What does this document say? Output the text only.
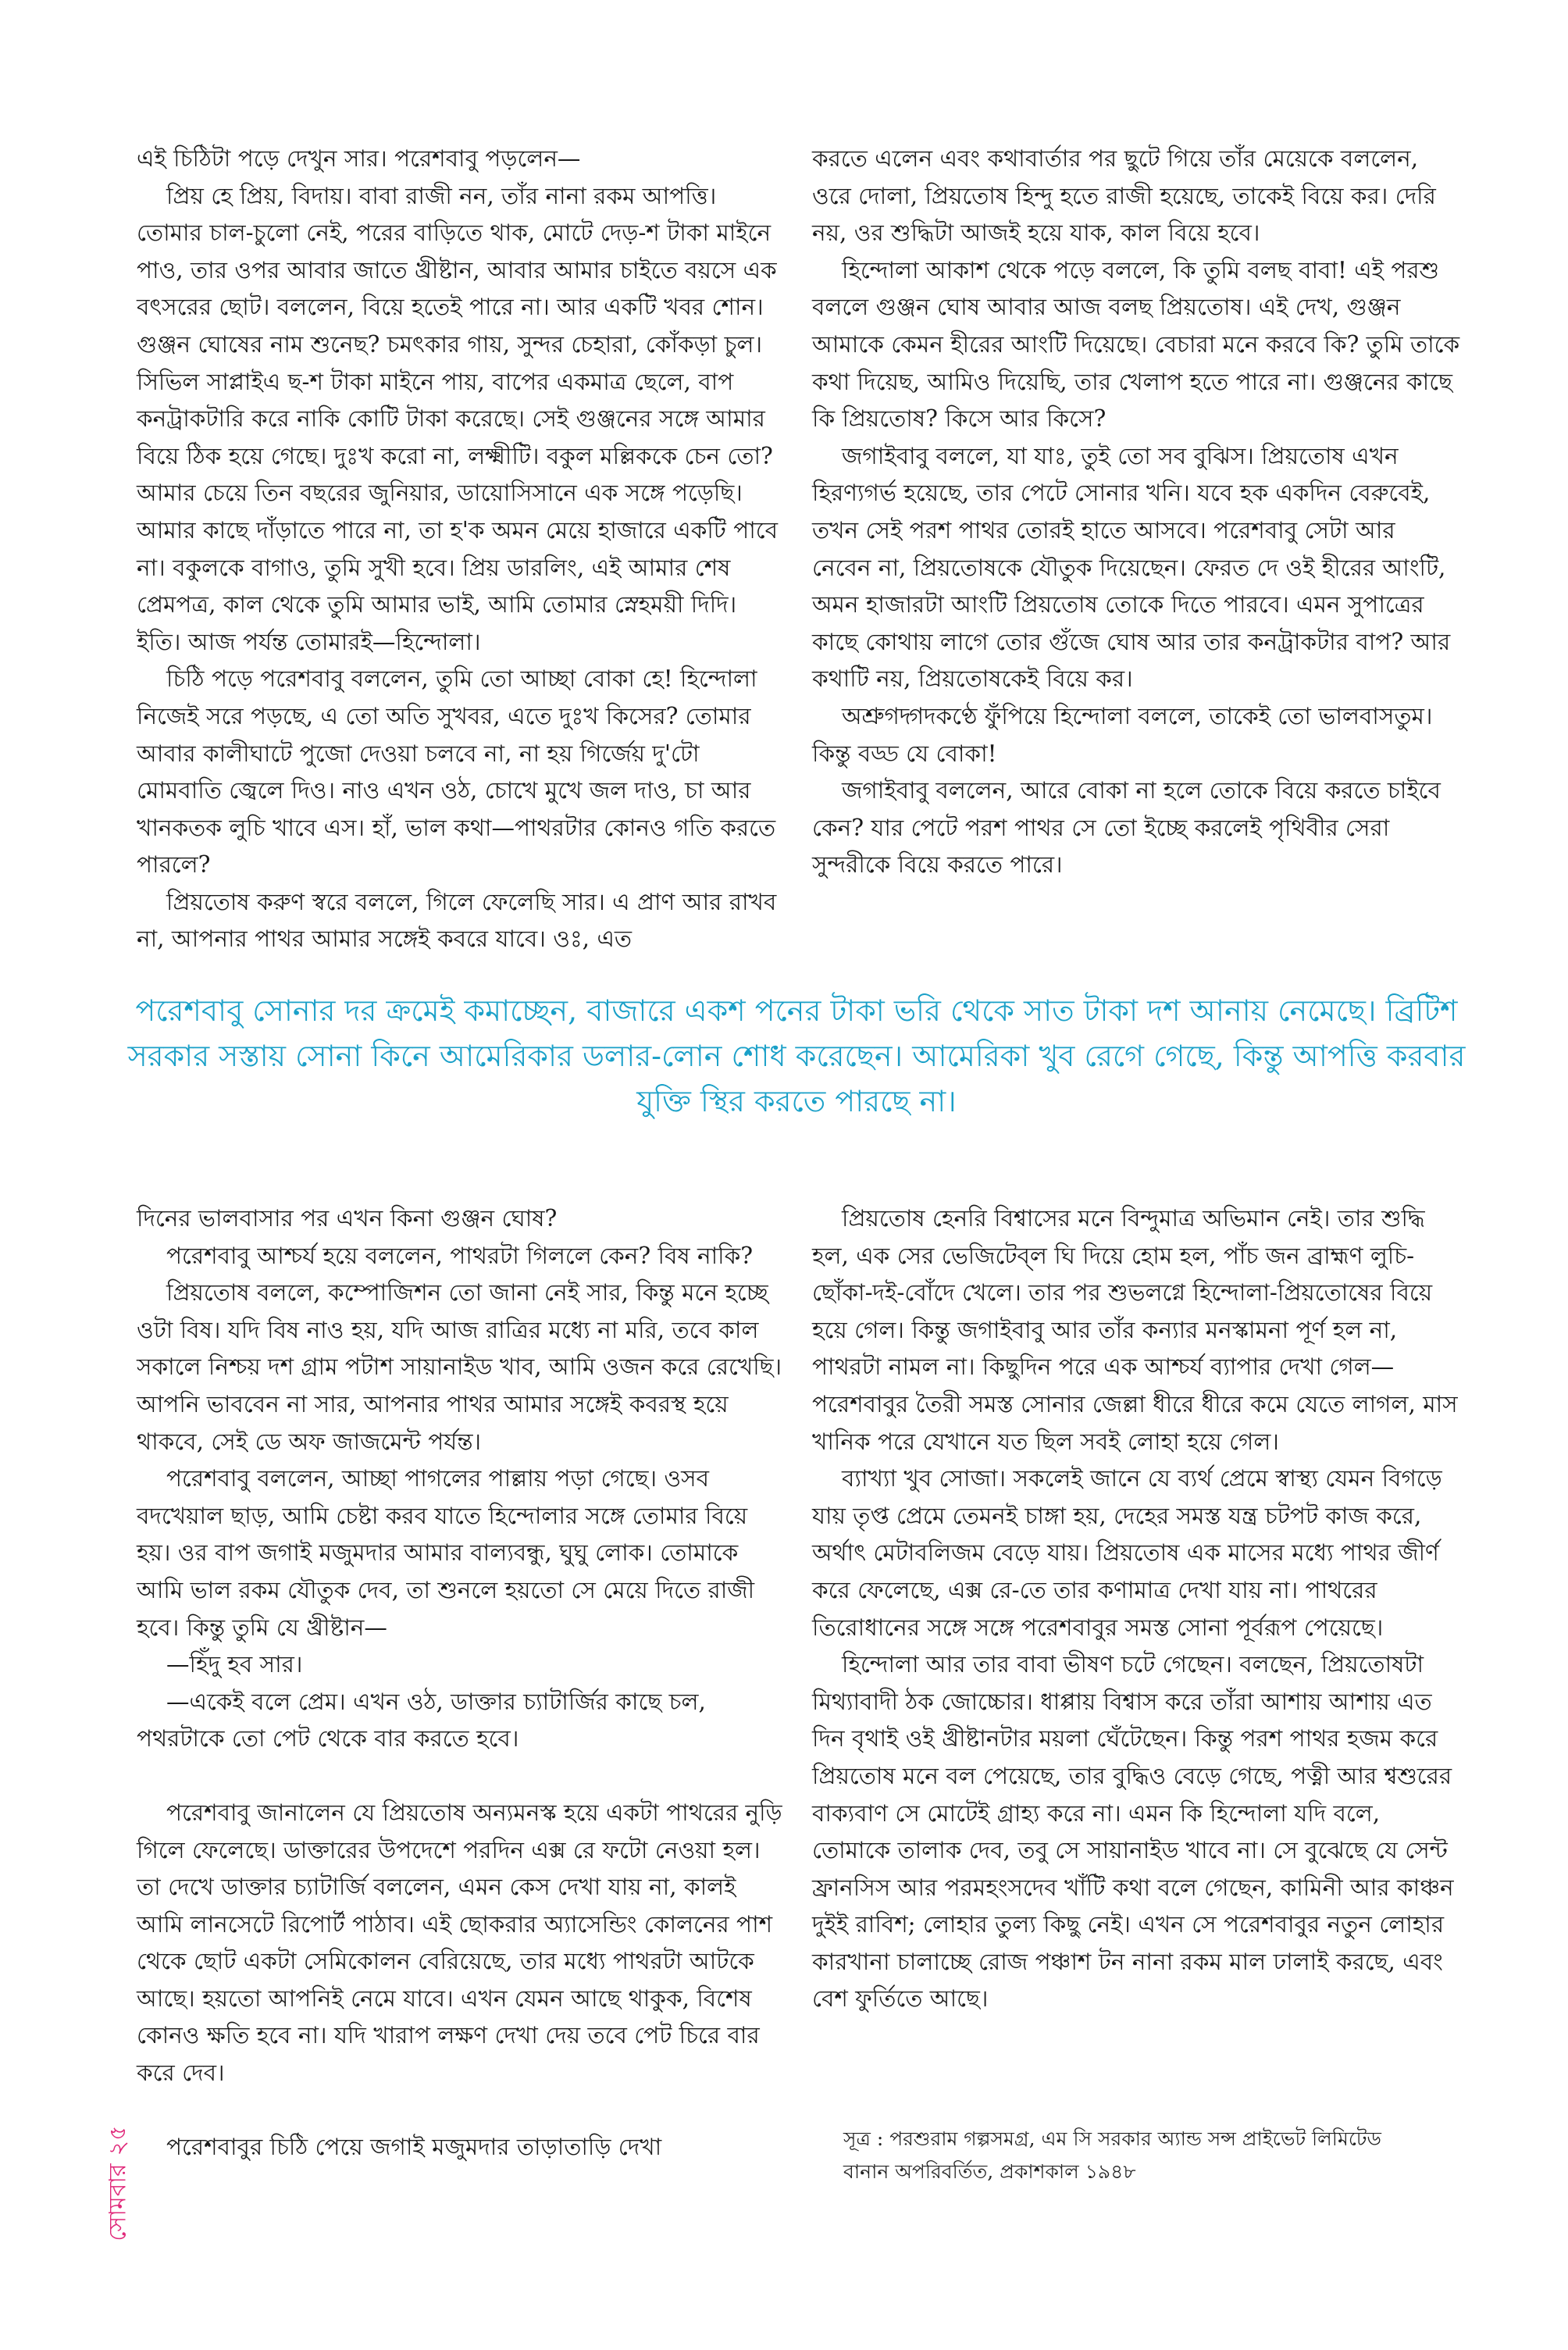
এই চিঠিটা পড়ে দেখুন সার। পরেশবাবু পড়লেন—

প্রিয় হে প্রিয়, বিদায়। বাবা রাজী নন, তাঁর নানা রকম আপত্তি। তোমার চাল-চুলো নেই, পরের বাড়িতে থাক, মোটে দেড়-শ টাকা মাইনে পাও, তার ওপর আবার জাতে খ্রীষ্টান, আবার আমার চাইতে বয়সে এক বৎসরের ছোট। বললেন, বিয়ে হতেই পারে না। আর একটি খবর শোন। গুঞ্জন ঘোষের নাম শুনেছ? চমৎকার গায়, সুন্দর চেহারা, কোঁকড়া চুল। সিভিল সাপ্লাইএ ছ-শ টাকা মাইনে পায়, বাপের একমাত্র ছেলে, বাপ কনট্রাকটারি করে নাকি কোটি টাকা করেছে। সেই গুঞ্জনের সঙ্গে আমার বিয়ে ঠিক হয়ে গেছে। দুঃখ করো না, লক্ষ্মীটি। বকুল মল্লিককে চেন তো? আমার চেয়ে তিন বছরের জুনিয়ার, ডায়োসিসানে এক সঙ্গে পড়েছি। আমার কাছে দাঁড়াতে পারে না, তা হ'ক অমন মেয়ে হাজারে একটি পাবে না। বকুলকে বাগাও, তুমি সুখী হবে। প্রিয় ডারলিং, এই আমার শেষ প্রেমপত্র, কাল থেকে তুমি আমার ভাই, আমি তোমার স্নেহময়ী দিদি। ইতি। আজ পর্যন্ত তোমারই—হিন্দোলা।

চিঠি পড়ে পরেশবাবু বললেন, তুমি তো আচ্ছা বোকা হে! হিন্দোলা নিজেই সরে পড়ছে, এ তো অতি সুখবর, এতে দুঃখ কিসের? তোমার আবার কালীঘাটে পুজো দেওয়া চলবে না, না হয় গির্জেয় দু'টো মোমবাতি জ্বেলে দিও। নাও এখন ওঠ, চোখে মুখে জল দাও, চা আর খানকতক লুচি খাবে এস। হাঁ, ভাল কথা—পাথরটার কোনও গতি করতে পারলে?

প্রিয়তোষ করুণ স্বরে বললে, গিলে ফেলেছি সার। এ প্রাণ আর রাখব না, আপনার পাথর আমার সঙ্গেই কবরে যাবে। ওঃ, এত

করতে এলেন এবং কথাবার্তার পর ছুটে গিয়ে তাঁর মেয়েকে বললেন, ওরে দোলা, প্রিয়তোষ হিন্দু হতে রাজী হয়েছে, তাকেই বিয়ে কর। দেরি নয়, ওর শুদ্ধিটা আজই হয়ে যাক, কাল বিয়ে হবে।

হিন্দোলা আকাশ থেকে পড়ে বললে, কি তুমি বলছ বাবা! এই পরশু বললে গুঞ্জন ঘোষ আবার আজ বলছ প্রিয়তোষ। এই দেখ, গুঞ্জন আমাকে কেমন হীরের আংটি দিয়েছে। বেচারা মনে করবে কি? তুমি তাকে কথা দিয়েছ, আমিও দিয়েছি, তার খেলাপ হতে পারে না। গুঞ্জনের কাছে কি প্রিয়তোষ? কিসে আর কিসে?

জগাইবাবু বললে, যা যাঃ, তুই তো সব বুঝিস। প্রিয়তোষ এখন হিরণ্যগর্ভ হয়েছে, তার পেটে সোনার খনি। যবে হক একদিন বেরুবেই, তখন সেই পরশ পাথর তোরই হাতে আসবে। পরেশবাবু সেটা আর নেবেন না, প্রিয়তোষকে যৌতুক দিয়েছেন। ফেরত দে ওই হীরের আংটি, অমন হাজারটা আংটি প্রিয়তোষ তোকে দিতে পারবে। এমন সুপাত্রের কাছে কোথায় লাগে তোর গুঁজে ঘোষ আর তার কনট্রাকটার বাপ? আর কথাটি নয়, প্রিয়তোষকেই বিয়ে কর।

অশ্রুগদ্গদকণ্ঠে ফুঁপিয়ে হিন্দোলা বললে, তাকেই তো ভালবাসতুম। কিন্তু বড্ড যে বোকা!

জগাইবাবু বললেন, আরে বোকা না হলে তোকে বিয়ে করতে চাইবে কেন? যার পেটে পরশ পাথর সে তো ইচ্ছে করলেই পৃথিবীর সেরা সুন্দরীকে বিয়ে করতে পারে।

পরেশবাবু সোনার দর ক্রমেই কমাচ্ছেন, বাজারে একশ পনের টাকা ভরি থেকে সাত টাকা দশ আনায় নেমেছে। ব্রিটিশ সরকার সস্তায় সোনা কিনে আমেরিকার ডলার-লোন শোধ করেছেন। আমেরিকা খুব রেগে গেছে, কিন্তু আপত্তি করবার যুক্তি স্থির করতে পারছে না।

দিনের ভালবাসার পর এখন কিনা গুঞ্জন ঘোষ?

পরেশবাবু আশ্চর্য হয়ে বললেন, পাথরটা গিললে কেন? বিষ নাকি?

প্রিয়তোষ বললে, কম্পোজিশন তো জানা নেই সার, কিন্তু মনে হচ্ছে ওটা বিষ। যদি বিষ নাও হয়, যদি আজ রাত্রির মধ্যে না মরি, তবে কাল সকালে নিশ্চয় দশ গ্রাম পটাশ সায়ানাইড খাব, আমি ওজন করে রেখেছি। আপনি ভাববেন না সার, আপনার পাথর আমার সঙ্গেই কবরস্থ হয়ে থাকবে, সেই ডে অফ জাজমেন্ট পর্যন্ত।

পরেশবাবু বললেন, আচ্ছা পাগলের পাল্লায় পড়া গেছে। ওসব বদখেয়াল ছাড়, আমি চেষ্টা করব যাতে হিন্দোলার সঙ্গে তোমার বিয়ে হয়। ওর বাপ জগাই মজুমদার আমার বাল্যবন্ধু, ঘুঘু লোক। তোমাকে আমি ভাল রকম যৌতুক দেব, তা শুনলে হয়তো সে মেয়ে দিতে রাজী হবে। কিন্তু তুমি যে খ্রীষ্টান—

—হিঁদু হব সার।

—একেই বলে প্রেম। এখন ওঠ, ডাক্তার চ্যাটার্জির কাছে চল, পথরটাকে তো পেট থেকে বার করতে হবে।

পরেশবাবু জানালেন যে প্রিয়তোষ অন্যমনস্ক হয়ে একটা পাথরের নুড়ি গিলে ফেলেছে। ডাক্তারের উপদেশে পরদিন এক্স রে ফটো নেওয়া হল। তা দেখে ডাক্তার চ্যাটার্জি বললেন, এমন কেস দেখা যায় না, কালই আমি লানসেটে রিপোর্ট পাঠাব। এই ছোকরার অ্যাসেন্ডিং কোলনের পাশ থেকে ছোট একটা সেমিকোলন বেরিয়েছে, তার মধ্যে পাথরটা আটকে আছে। হয়তো আপনিই নেমে যাবে। এখন যেমন আছে থাকুক, বিশেষ কোনও ক্ষতি হবে না। যদি খারাপ লক্ষণ দেখা দেয় তবে পেট চিরে বার করে দেব।

পরেশবাবুর চিঠি পেয়ে জগাই মজুমদার তাড়াতাড়ি দেখা

প্রিয়তোষ হেনরি বিশ্বাসের মনে বিন্দুমাত্র অভিমান নেই। তার শুদ্ধি হল, এক সের ভেজিটেব্‌ল ঘি দিয়ে হোম হল, পাঁচ জন ব্রাহ্মণ লুচি-ছোঁকা-দই-বোঁদে খেলে। তার পর শুভলগ্নে হিন্দোলা-প্রিয়তোষের বিয়ে হয়ে গেল। কিন্তু জগাইবাবু আর তাঁর কন্যার মনস্কামনা পূর্ণ হল না, পাথরটা নামল না। কিছুদিন পরে এক আশ্চর্য ব্যাপার দেখা গেল—পরেশবাবুর তৈরী সমস্ত সোনার জেল্লা ধীরে ধীরে কমে যেতে লাগল, মাস খানিক পরে যেখানে যত ছিল সবই লোহা হয়ে গেল।

ব্যাখ্যা খুব সোজা। সকলেই জানে যে ব্যর্থ প্রেমে স্বাস্থ্য যেমন বিগড়ে যায় তৃপ্ত প্রেমে তেমনই চাঙ্গা হয়, দেহের সমস্ত যন্ত্র চটপট কাজ করে, অর্থাৎ মেটাবলিজম বেড়ে যায়। প্রিয়তোষ এক মাসের মধ্যে পাথর জীর্ণ করে ফেলেছে, এক্স রে-তে তার কণামাত্র দেখা যায় না। পাথরের তিরোধানের সঙ্গে সঙ্গে পরেশবাবুর সমস্ত সোনা পূর্বরূপ পেয়েছে।

হিন্দোলা আর তার বাবা ভীষণ চটে গেছেন। বলছেন, প্রিয়তোষটা মিথ্যাবাদী ঠক জোচ্চোর। ধাপ্পায় বিশ্বাস করে তাঁরা আশায় আশায় এত দিন বৃথাই ওই খ্রীষ্টানটার ময়লা ঘেঁটেছেন। কিন্তু পরশ পাথর হজম করে প্রিয়তোষ মনে বল পেয়েছে, তার বুদ্ধিও বেড়ে গেছে, পত্নী আর শ্বশুরের বাক্যবাণ সে মোটেই গ্রাহ্য করে না। এমন কি হিন্দোলা যদি বলে, তোমাকে তালাক দেব, তবু সে সায়ানাইড খাবে না। সে বুঝেছে যে সেন্ট ফ্রানসিস আর পরমহংসদেব খাঁটি কথা বলে গেছেন, কামিনী আর কাঞ্চন দুইই রাবিশ; লোহার তুল্য কিছু নেই। এখন সে পরেশবাবুর নতুন লোহার কারখানা চালাচ্ছে রোজ পঞ্চাশ টন নানা রকম মাল ঢালাই করছে, এবং বেশ ফুর্তিতে আছে।

সূত্র : পরশুরাম গল্পসমগ্র, এম সি সরকার অ্যান্ড সন্স প্রাইভেট লিমিটেড

বানান অপরিবর্তিত, প্রকাশকাল ১৯৪৮

সোমবার২৫
